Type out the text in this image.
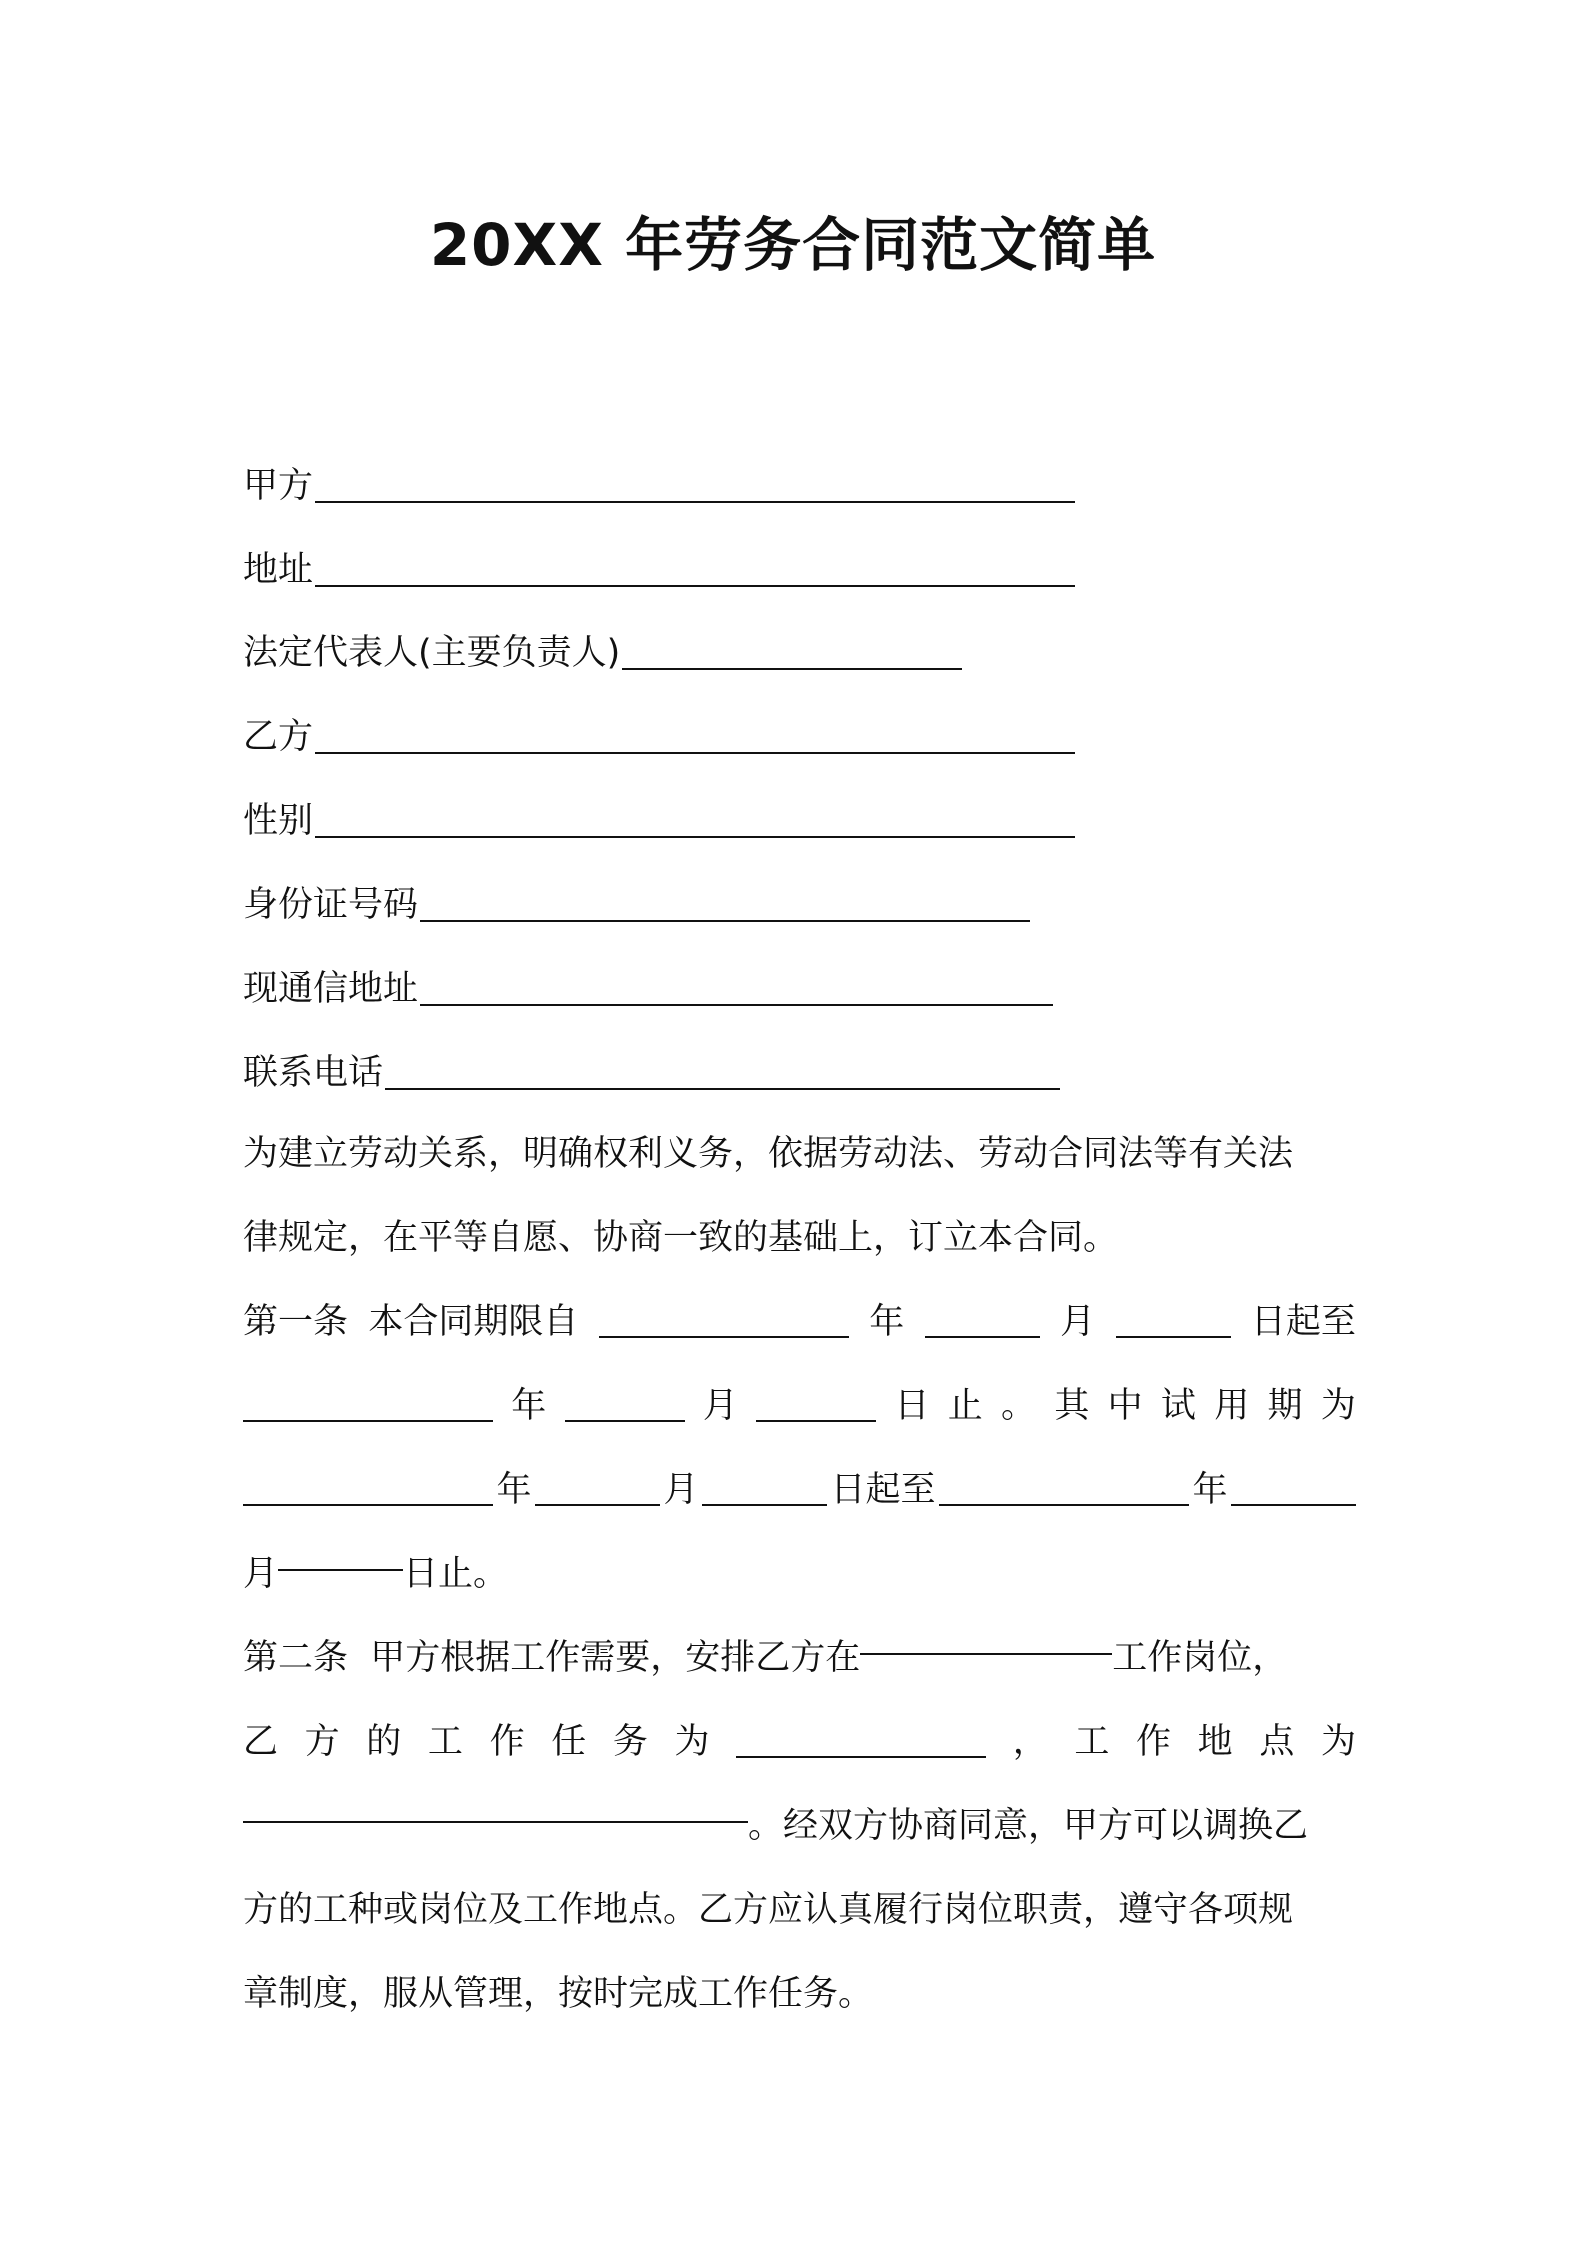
20XX 年劳务合同范文简单
甲方
地址
法定代表人(主要负责人)
乙方
性别
身份证号码
现通信地址
联系电话
为建立劳动关系，明确权利义务，依据劳动法、劳动合同法等有关法
律规定，在平等自愿、协商一致的基础上，订立本合同。
第一条 本合同期限自	年	月	日起至
年	月	日 止 。 其 中 试 用 期 为
年	月	日起至	年
月	日止。
第二条  甲方根据工作需要，安排乙方在	工作岗位，
乙 方 的 工 作 任 务 为	， 工 作 地 点 为
。经双方协商同意，甲方可以调换乙
方的工种或岗位及工作地点。乙方应认真履行岗位职责，遵守各项规
章制度，服从管理，按时完成工作任务。
